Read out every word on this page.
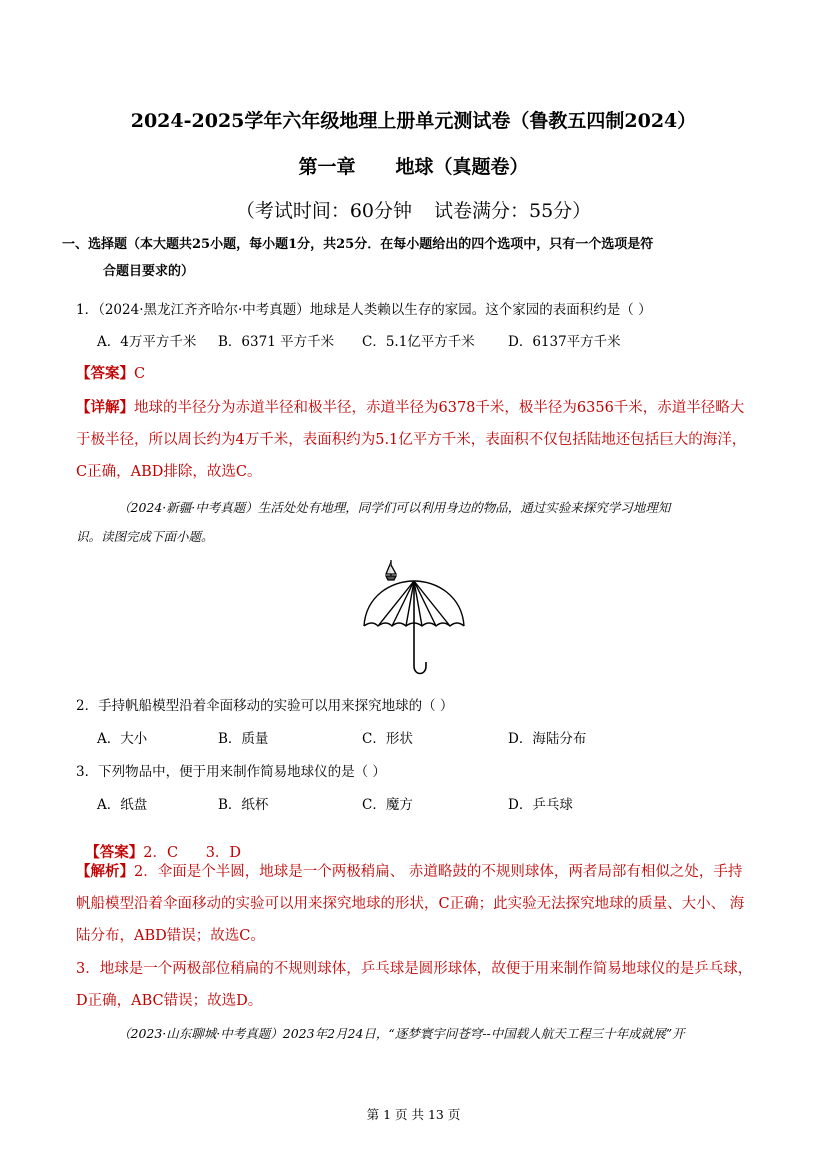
2024-2025学年六年级地理上册单元测试卷（鲁教五四制2024）
第一章 地球（真题卷）
（考试时间：60分钟 试卷满分：55分）
一、选择题（本大题共25小题，每小题1分，共25分．在每小题给出的四个选项中，只有一个选项是符
合题目要求的）
1．（2024·黑龙江齐齐哈尔·中考真题）地球是人类赖以生存的家园。这个家园的表面积约是（ ）
A．4万平方千米 B．6371 平方千米 C．5.1亿平方千米 D．6137平方千米
【答案】C
【详解】地球的半径分为赤道半径和极半径，赤道半径为6378千米，极半径为6356千米，赤道半径略大
于极半径，所以周长约为4万千米，表面积约为5.1亿平方千米，表面积不仅包括陆地还包括巨大的海洋，
C正确，ABD排除，故选C。
（2024·新疆·中考真题）生活处处有地理，同学们可以利用身边的物品，通过实验来探究学习地理知
识。读图完成下面小题。
2．手持帆船模型沿着伞面移动的实验可以用来探究地球的（ ）
A．大小	B．质量	C．形状	D．海陆分布
3．下列物品中，便于用来制作简易地球仪的是（ ）
A．纸盘	B．纸杯	C．魔方	D．乒乓球

【答案】2．C      3．D

【解析】2．伞面是个半圆，地球是一个两极稍扁、 赤道略鼓的不规则球体，两者局部有相似之处，手持
帆船模型沿着伞面移动的实验可以用来探究地球的形状，C正确；此实验无法探究地球的质量、大小、 海
陆分布，ABD错误；故选C。
3．地球是一个两极部位稍扁的不规则球体，乒乓球是圆形球体，故便于用来制作简易地球仪的是乒乓球，
D正确，ABC错误；故选D。
（2023·山东聊城·中考真题）2023年2月24日，“逐梦寰宇问苍穹--中国载人航天工程三十年成就展”开
第 1 页 共 13 页
